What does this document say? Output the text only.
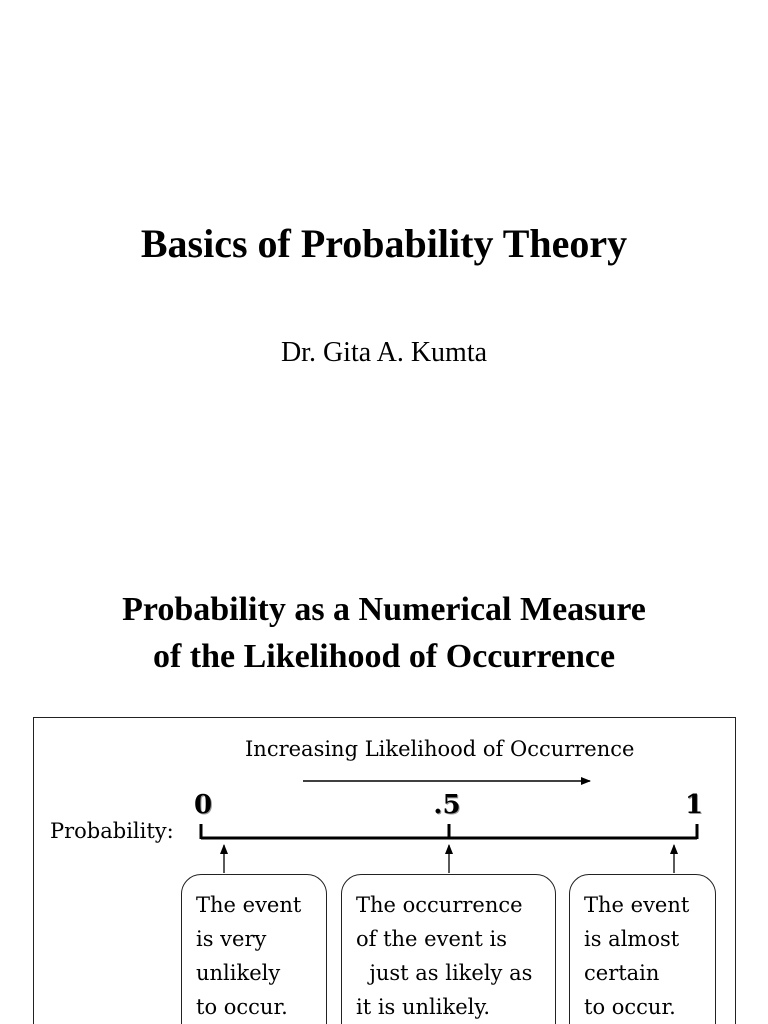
Basics of Probability Theory
Dr. Gita A. Kumta
Probability as a Numerical Measure
of the Likelihood of Occurrence
Increasing Likelihood of Occurrence
Probability:
0	.5	1
The event
is very
unlikely
to occur.
The occurrence
of the event is
just as likely as
it is unlikely.
The event
is almost
certain
to occur.
